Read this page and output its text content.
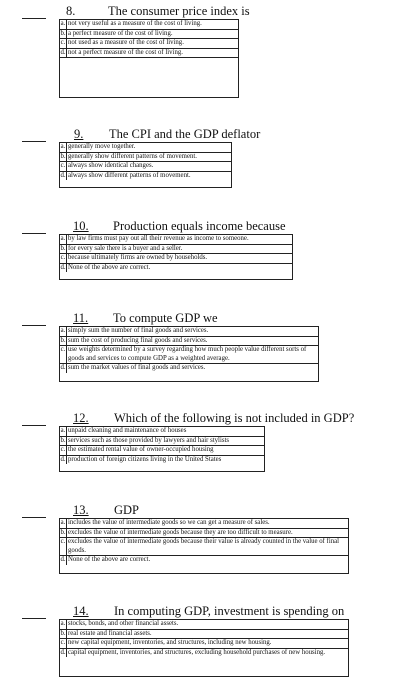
8.	The consumer price index is
a. not very useful as a measure of the cost of living.
b. a perfect measure of the cost of living.
c. not used as a measure of the cost of living.
d. not a perfect measure of the cost of living.
9. The CPI and the GDP deflator
a. generally move together.
b. generally show different patterns of movement.
c. always show identical changes.
d. always show different patterns of movement.
10. Production equals income because
a. by law firms must pay out all their revenue as income to someone.
b. for every sale there is a buyer and a seller.
c. because ultimately firms are owned by households.
d. None of the above are correct.
11. To compute GDP we
a. simply sum the number of final goods and services.
b. sum the cost of producing final goods and services.
c. use weights determined by a survey regarding how much people value different sorts of goods and services to compute GDP as a weighted average.
d. sum the market values of final goods and services.
12. Which of the following is not included in GDP?
a. unpaid cleaning and maintenance of houses
b. services such as those provided by lawyers and hair stylists
c. the estimated rental value of owner-occupied housing
d. production of foreign citizens living in the United States
13. GDP
a. includes the value of intermediate goods so we can get a measure of sales.
b. excludes the value of intermediate goods because they are too difficult to measure.
c. excludes the value of intermediate goods because their value is already counted in the value of final goods.
d. None of the above are correct.
14. In computing GDP, investment is spending on
a. stocks, bonds, and other financial assets.
b. real estate and financial assets.
c. new capital equipment, inventories, and structures, including new housing.
d. capital equipment, inventories, and structures, excluding household purchases of new housing.
